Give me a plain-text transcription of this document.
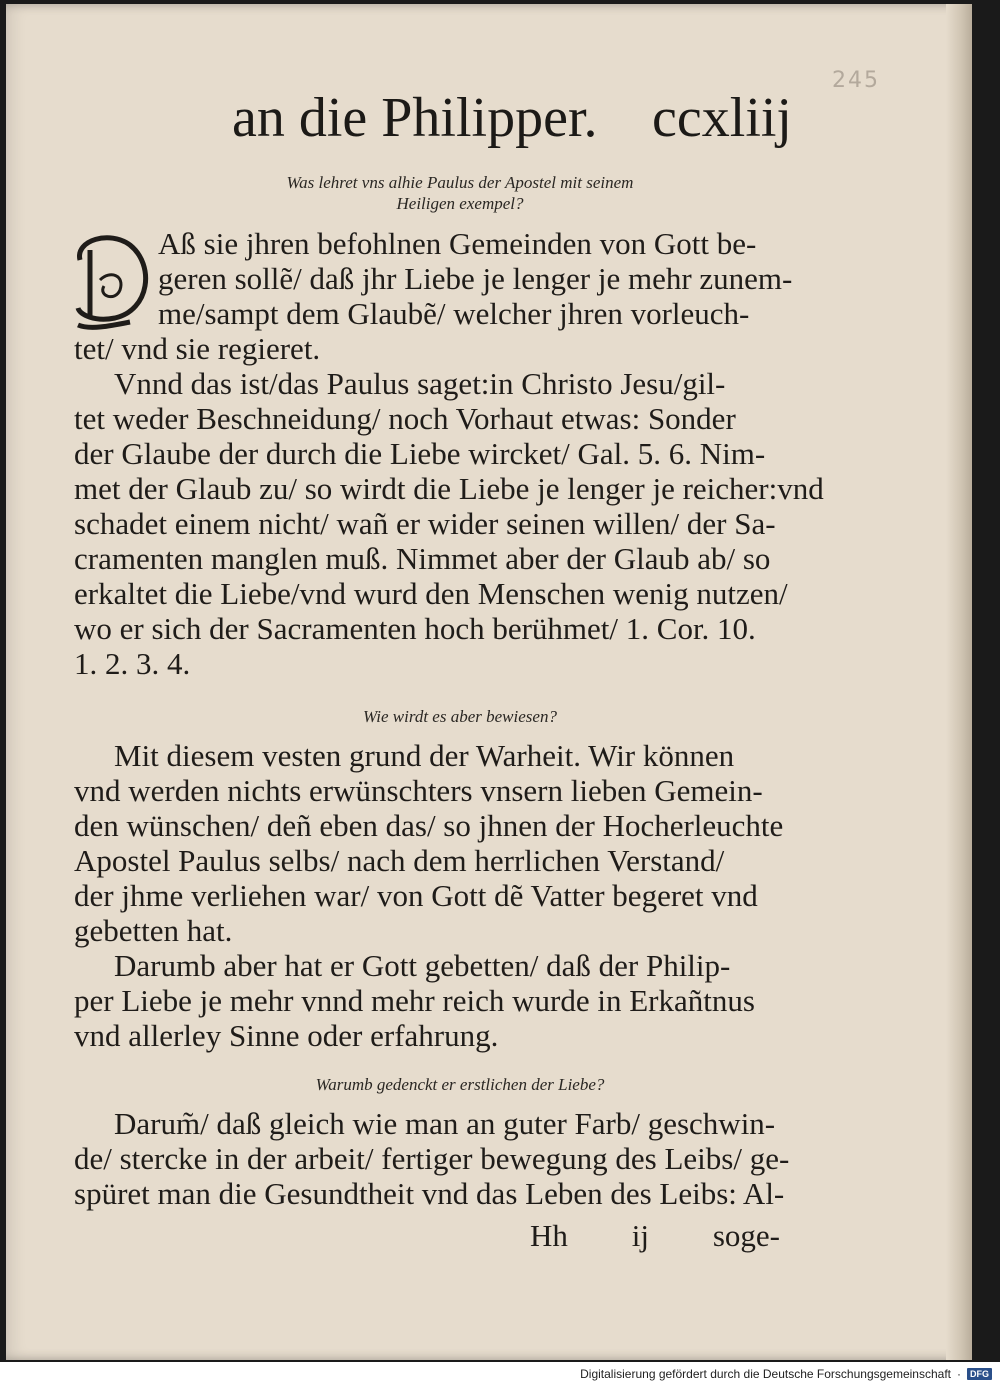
245
an die Philipper. ccxliij
Was lehret vns alhie Paulus der Apostel mit seinem
Heiligen exempel?
Aß sie jhren befohlnen Gemeinden von Gott be-
geren sollẽ/ daß jhr Liebe je lenger je mehr zunem-
me/sampt dem Glaubẽ/ welcher jhren vorleuch-
tet/ vnd sie regieret.
Vnnd das ist/das Paulus saget:in Christo Jesu/gil-
tet weder Beschneidung/ noch Vorhaut etwas: Sonder
der Glaube der durch die Liebe wircket/ Gal. 5. 6. Nim-
met der Glaub zu/ so wirdt die Liebe je lenger je reicher:vnd
schadet einem nicht/ wañ er wider seinen willen/ der Sa-
cramenten manglen muß. Nimmet aber der Glaub ab/ so
erkaltet die Liebe/vnd wurd den Menschen wenig nutzen/
wo er sich der Sacramenten hoch berühmet/ 1. Cor. 10.
1. 2. 3. 4.
Wie wirdt es aber bewiesen?
Mit diesem vesten grund der Warheit. Wir können
vnd werden nichts erwünschters vnsern lieben Gemein-
den wünschen/ deñ eben das/ so jhnen der Hocherleuchte
Apostel Paulus selbs/ nach dem herrlichen Verstand/
der jhme verliehen war/ von Gott dẽ Vatter begeret vnd
gebetten hat.
Darumb aber hat er Gott gebetten/ daß der Philip-
per Liebe je mehr vnnd mehr reich wurde in Erkañtnus
vnd allerley Sinne oder erfahrung.
Warumb gedenckt er erstlichen der Liebe?
Darum̃/ daß gleich wie man an guter Farb/ geschwin-
de/ stercke in der arbeit/ fertiger bewegung des Leibs/ ge-
spüret man die Gesundtheit vnd das Leben des Leibs: Al-
Hh ij soge-
Digitalisierung gefördert durch die Deutsche Forschungsgemeinschaft ·	DFG
